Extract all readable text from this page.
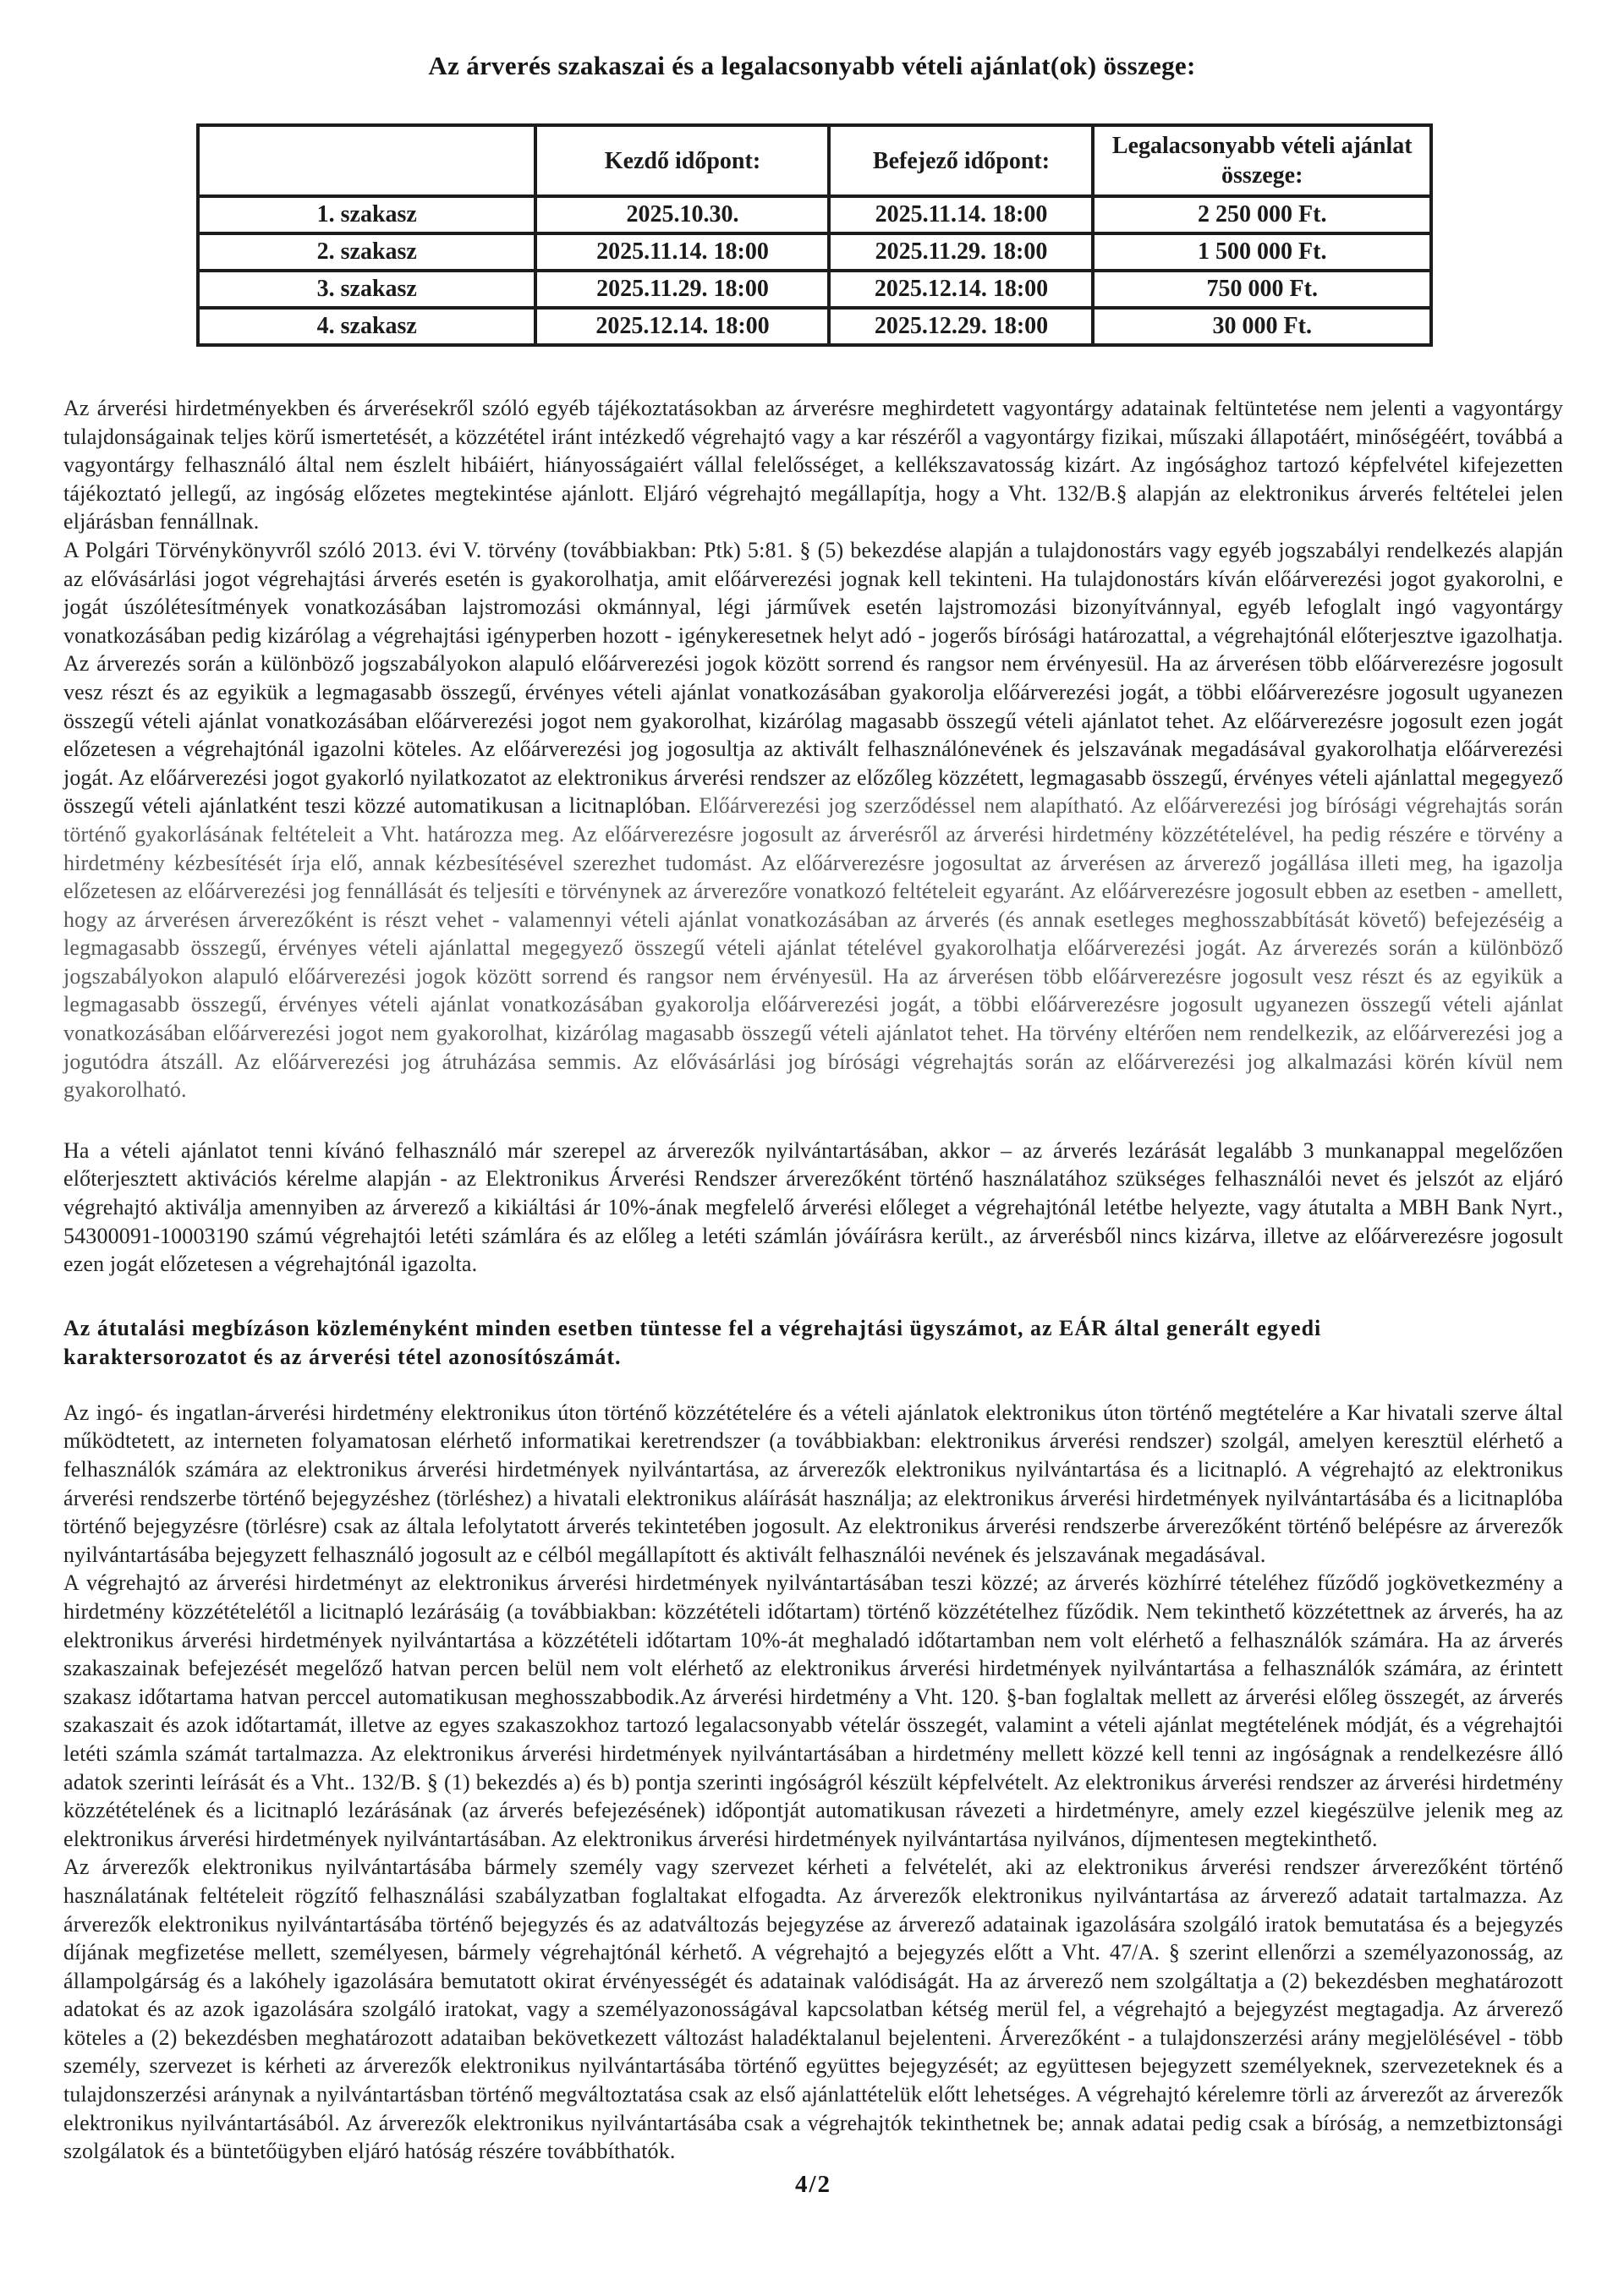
Az árverés szakaszai és a legalacsonyabb vételi ajánlat(ok) összege:
	Kezdő időpont:	Befejező időpont:	Legalacsonyabb vételi ajánlat összege:
1. szakasz	2025.10.30.	2025.11.14. 18:00	2 250 000 Ft.
2. szakasz	2025.11.14. 18:00	2025.11.29. 18:00	1 500 000 Ft.
3. szakasz	2025.11.29. 18:00	2025.12.14. 18:00	750 000 Ft.
4. szakasz	2025.12.14. 18:00	2025.12.29. 18:00	30 000 Ft.

Az árverési hirdetményekben és árverésekről szóló egyéb tájékoztatásokban az árverésre meghirdetett vagyontárgy adatainak feltüntetése nem jelenti a vagyontárgy tulajdonságainak teljes körű ismertetését, a közzététel iránt intézkedő végrehajtó vagy a kar részéről a vagyontárgy fizikai, műszaki állapotáért, minőségéért, továbbá a vagyontárgy felhasználó által nem észlelt hibáiért, hiányosságaiért vállal felelősséget, a kellékszavatosság kizárt. Az ingósághoz tartozó képfelvétel kifejezetten tájékoztató jellegű, az ingóság előzetes megtekintése ajánlott. Eljáró végrehajtó megállapítja, hogy a Vht. 132/B.§ alapján az elektronikus árverés feltételei jelen eljárásban fennállnak.

A Polgári Törvénykönyvről szóló 2013. évi V. törvény (továbbiakban: Ptk) 5:81. § (5) bekezdése alapján a tulajdonostárs vagy egyéb jogszabályi rendelkezés alapján az elővásárlási jogot végrehajtási árverés esetén is gyakorolhatja, amit előárverezési jognak kell tekinteni. Ha tulajdonostárs kíván előárverezési jogot gyakorolni, e jogát úszólétesítmények vonatkozásában lajstromozási okmánnyal, légi járművek esetén lajstromozási bizonyítvánnyal, egyéb lefoglalt ingó vagyontárgy vonatkozásában pedig kizárólag a végrehajtási igényperben hozott - igénykeresetnek helyt adó - jogerős bírósági határozattal, a végrehajtónál előterjesztve igazolhatja. Az árverezés során a különböző jogszabályokon alapuló előárverezési jogok között sorrend és rangsor nem érvényesül. Ha az árverésen több előárverezésre jogosult vesz részt és az egyikük a legmagasabb összegű, érvényes vételi ajánlat vonatkozásában gyakorolja előárverezési jogát, a többi előárverezésre jogosult ugyanezen összegű vételi ajánlat vonatkozásában előárverezési jogot nem gyakorolhat, kizárólag magasabb összegű vételi ajánlatot tehet. Az előárverezésre jogosult ezen jogát előzetesen a végrehajtónál igazolni köteles. Az előárverezési jog jogosultja az aktivált felhasználónevének és jelszavának megadásával gyakorolhatja előárverezési jogát. Az előárverezési jogot gyakorló nyilatkozatot az elektronikus árverési rendszer az előzőleg közzétett, legmagasabb összegű, érvényes vételi ajánlattal megegyező összegű vételi ajánlatként teszi közzé automatikusan a licitnaplóban. Előárverezési jog szerződéssel nem alapítható. Az előárverezési jog bírósági végrehajtás során történő gyakorlásának feltételeit a Vht. határozza meg. Az előárverezésre jogosult az árverésről az árverési hirdetmény közzétételével, ha pedig részére e törvény a hirdetmény kézbesítését írja elő, annak kézbesítésével szerezhet tudomást. Az előárverezésre jogosultat az árverésen az árverező jogállása illeti meg, ha igazolja előzetesen az előárverezési jog fennállását és teljesíti e törvénynek az árverezőre vonatkozó feltételeit egyaránt. Az előárverezésre jogosult ebben az esetben - amellett, hogy az árverésen árverezőként is részt vehet - valamennyi vételi ajánlat vonatkozásában az árverés (és annak esetleges meghosszabbítását követő) befejezéséig a legmagasabb összegű, érvényes vételi ajánlattal megegyező összegű vételi ajánlat tételével gyakorolhatja előárverezési jogát. Az árverezés során a különböző jogszabályokon alapuló előárverezési jogok között sorrend és rangsor nem érvényesül. Ha az árverésen több előárverezésre jogosult vesz részt és az egyikük a legmagasabb összegű, érvényes vételi ajánlat vonatkozásában gyakorolja előárverezési jogát, a többi előárverezésre jogosult ugyanezen összegű vételi ajánlat vonatkozásában előárverezési jogot nem gyakorolhat, kizárólag magasabb összegű vételi ajánlatot tehet. Ha törvény eltérően nem rendelkezik, az előárverezési jog a jogutódra átszáll. Az előárverezési jog átruházása semmis. Az elővásárlási jog bírósági végrehajtás során az előárverezési jog alkalmazási körén kívül nem gyakorolható.

Ha a vételi ajánlatot tenni kívánó felhasználó már szerepel az árverezők nyilvántartásában, akkor – az árverés lezárását legalább 3 munkanappal megelőzően előterjesztett aktivációs kérelme alapján - az Elektronikus Árverési Rendszer árverezőként történő használatához szükséges felhasználói nevet és jelszót az eljáró végrehajtó aktiválja amennyiben az árverező a kikiáltási ár 10%-ának megfelelő árverési előleget a végrehajtónál letétbe helyezte, vagy átutalta a MBH Bank Nyrt., 54300091-10003190 számú végrehajtói letéti számlára és az előleg a letéti számlán jóváírásra került., az árverésből nincs kizárva, illetve az előárverezésre jogosult ezen jogát előzetesen a végrehajtónál igazolta.

Az átutalási megbízáson közleményként minden esetben tüntesse fel a végrehajtási ügyszámot, az EÁR által generált egyedi
karaktersorozatot és az árverési tétel azonosítószámát.

Az ingó- és ingatlan-árverési hirdetmény elektronikus úton történő közzétételére és a vételi ajánlatok elektronikus úton történő megtételére a Kar hivatali szerve által működtetett, az interneten folyamatosan elérhető informatikai keretrendszer (a továbbiakban: elektronikus árverési rendszer) szolgál, amelyen keresztül elérhető a felhasználók számára az elektronikus árverési hirdetmények nyilvántartása, az árverezők elektronikus nyilvántartása és a licitnapló. A végrehajtó az elektronikus árverési rendszerbe történő bejegyzéshez (törléshez) a hivatali elektronikus aláírását használja; az elektronikus árverési hirdetmények nyilvántartásába és a licitnaplóba történő bejegyzésre (törlésre) csak az általa lefolytatott árverés tekintetében jogosult. Az elektronikus árverési rendszerbe árverezőként történő belépésre az árverezők nyilvántartásába bejegyzett felhasználó jogosult az e célból megállapított és aktivált felhasználói nevének és jelszavának megadásával.

A végrehajtó az árverési hirdetményt az elektronikus árverési hirdetmények nyilvántartásában teszi közzé; az árverés közhírré tételéhez fűződő jogkövetkezmény a hirdetmény közzétételétől a licitnapló lezárásáig (a továbbiakban: közzétételi időtartam) történő közzétételhez fűződik. Nem tekinthető közzétettnek az árverés, ha az elektronikus árverési hirdetmények nyilvántartása a közzétételi időtartam 10%-át meghaladó időtartamban nem volt elérhető a felhasználók számára. Ha az árverés szakaszainak befejezését megelőző hatvan percen belül nem volt elérhető az elektronikus árverési hirdetmények nyilvántartása a felhasználók számára, az érintett szakasz időtartama hatvan perccel automatikusan meghosszabbodik.Az árverési hirdetmény a Vht. 120. §-ban foglaltak mellett az árverési előleg összegét, az árverés szakaszait és azok időtartamát, illetve az egyes szakaszokhoz tartozó legalacsonyabb vételár összegét, valamint a vételi ajánlat megtételének módját, és a végrehajtói letéti számla számát tartalmazza. Az elektronikus árverési hirdetmények nyilvántartásában a hirdetmény mellett közzé kell tenni az ingóságnak a rendelkezésre álló adatok szerinti leírását és a Vht.. 132/B. § (1) bekezdés a) és b) pontja szerinti ingóságról készült képfelvételt. Az elektronikus árverési rendszer az árverési hirdetmény közzétételének és a licitnapló lezárásának (az árverés befejezésének) időpontját automatikusan rávezeti a hirdetményre, amely ezzel kiegészülve jelenik meg az elektronikus árverési hirdetmények nyilvántartásában. Az elektronikus árverési hirdetmények nyilvántartása nyilvános, díjmentesen megtekinthető.

Az árverezők elektronikus nyilvántartásába bármely személy vagy szervezet kérheti a felvételét, aki az elektronikus árverési rendszer árverezőként történő használatának feltételeit rögzítő felhasználási szabályzatban foglaltakat elfogadta. Az árverezők elektronikus nyilvántartása az árverező adatait tartalmazza. Az árverezők elektronikus nyilvántartásába történő bejegyzés és az adatváltozás bejegyzése az árverező adatainak igazolására szolgáló iratok bemutatása és a bejegyzés díjának megfizetése mellett, személyesen, bármely végrehajtónál kérhető. A végrehajtó a bejegyzés előtt a Vht. 47/A. § szerint ellenőrzi a személyazonosság, az állampolgárság és a lakóhely igazolására bemutatott okirat érvényességét és adatainak valódiságát. Ha az árverező nem szolgáltatja a (2) bekezdésben meghatározott adatokat és az azok igazolására szolgáló iratokat, vagy a személyazonosságával kapcsolatban kétség merül fel, a végrehajtó a bejegyzést megtagadja. Az árverező köteles a (2) bekezdésben meghatározott adataiban bekövetkezett változást haladéktalanul bejelenteni. Árverezőként - a tulajdonszerzési arány megjelölésével - több személy, szervezet is kérheti az árverezők elektronikus nyilvántartásába történő együttes bejegyzését; az együttesen bejegyzett személyeknek, szervezeteknek és a tulajdonszerzési aránynak a nyilvántartásban történő megváltoztatása csak az első ajánlattételük előtt lehetséges. A végrehajtó kérelemre törli az árverezőt az árverezők elektronikus nyilvántartásából. Az árverezők elektronikus nyilvántartásába csak a végrehajtók tekinthetnek be; annak adatai pedig csak a bíróság, a nemzetbiztonsági szolgálatok és a büntetőügyben eljáró hatóság részére továbbíthatók.

4/2
